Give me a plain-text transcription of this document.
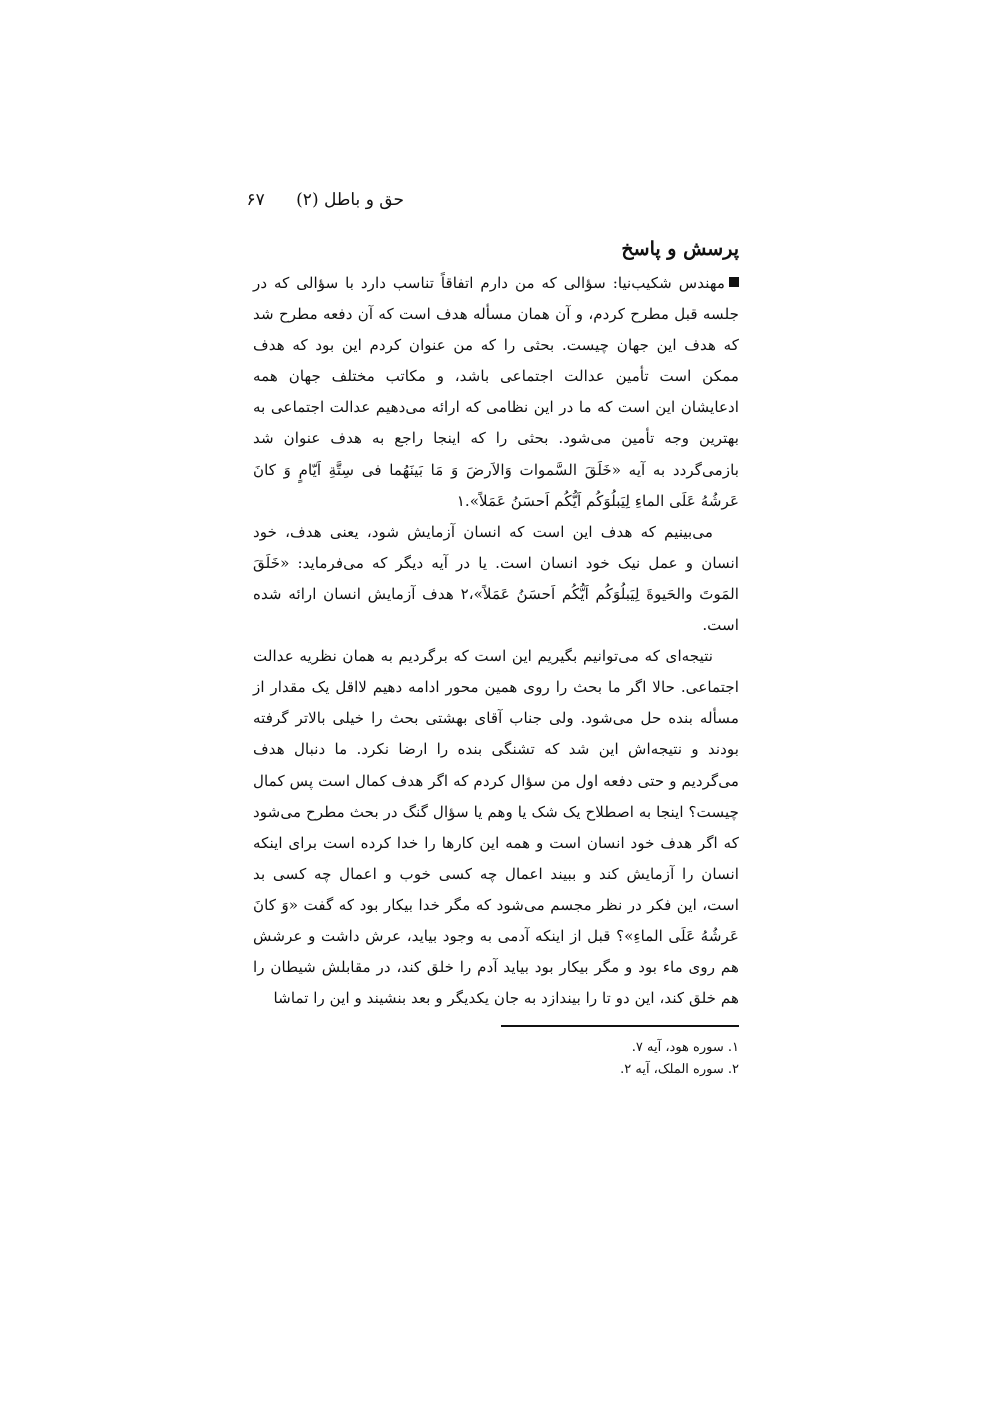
حق و باطل (۲) ۶۷
پرسش و پاسخ

مهندس شکیب‌نیا: سؤالی که من دارم اتفاقاً تناسب دارد با سؤالی که در جلسه قبل مطرح کردم، و آن همان مسأله هدف است که آن دفعه مطرح شد که هدف این جهان چیست. بحثی را که من عنوان کردم این بود که هدف ممکن است تأمین عدالت اجتماعی باشد، و مکاتب مختلف جهان همه ادعایشان این است که ما در این نظامی که ارائه می‌دهیم عدالت اجتماعی به بهترین وجه تأمین می‌شود. بحثی را که اینجا راجع به هدف عنوان شد بازمی‌گردد به آیه «خَلَقَ السَّموات وَالاَرضَ وَ مَا بَینَهُما فی سِتَّةِ اَیّامٍ وَ کانَ عَرشُهُ عَلَی الماءِ لِیَبلُوَکُم اَیُّکُم اَحسَنُ عَمَلاً».۱

می‌بینیم که هدف این است که انسان آزمایش شود، یعنی هدف، خود انسان و عمل نیک خود انسان است. یا در آیه دیگر که می‌فرماید: «خَلَقَ المَوتَ والحَیوةَ لِیَبلُوَکُم اَیُّکُم اَحسَنُ عَمَلاً»،۲ هدف آزمایش انسان ارائه شده است.

نتیجه‌ای که می‌توانیم بگیریم این است که برگردیم به همان نظریه عدالت اجتماعی. حالا اگر ما بحث را روی همین محور ادامه دهیم لااقل یک مقدار از مسأله بنده حل می‌شود. ولی جناب آقای بهشتی بحث را خیلی بالاتر گرفته بودند و نتیجه‌اش این شد که تشنگی بنده را ارضا نکرد. ما دنبال هدف می‌گردیم و حتی دفعه اول من سؤال کردم که اگر هدف کمال است پس کمال چیست؟ اینجا به اصطلاح یک شک یا وهم یا سؤال گنگ در بحث مطرح می‌شود که اگر هدف خود انسان است و همه این کارها را خدا کرده است برای اینکه انسان را آزمایش کند و ببیند اعمال چه کسی خوب و اعمال چه کسی بد است، این فکر در نظر مجسم می‌شود که مگر خدا بیکار بود که گفت «وَ کانَ عَرشُهُ عَلَی الماءِ»؟ قبل از اینکه آدمی به وجود بیاید، عرش داشت و عرشش هم روی ماء بود و مگر بیکار بود بیاید آدم را خلق کند، در مقابلش شیطان را هم خلق کند، این دو تا را بیندازد به جان یکدیگر و بعد بنشیند و این را تماشا

۱. سوره هود، آیه ۷.
۲. سوره الملک، آیه ۲.
